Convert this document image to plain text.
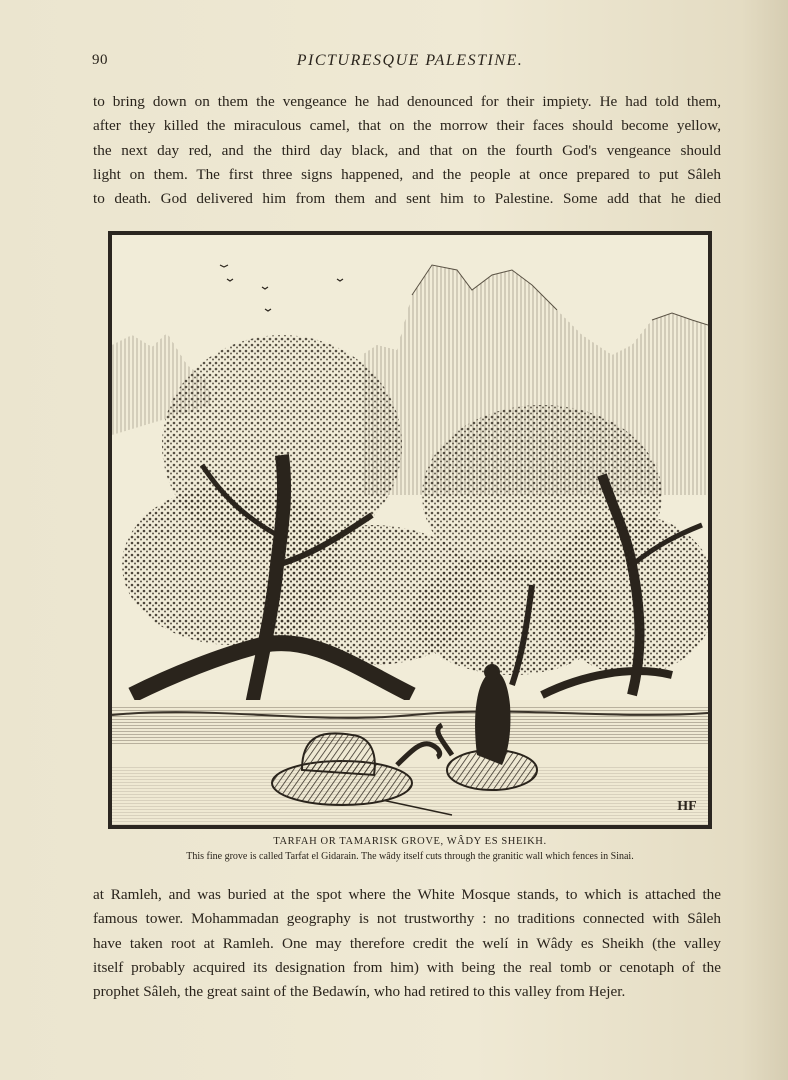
90	PICTURESQUE PALESTINE.
to bring down on them the vengeance he had denounced for their impiety. He had told them,
after they killed the miraculous camel, that on the morrow their faces should become yellow,
the next day red, and the third day black, and that on the fourth God's vengeance should
light on them. The first three signs happened, and the people at once prepared to put Sâleh
to death. God delivered him from them and sent him to Palestine. Some add that he died
HF
TARFAH OR TAMARISK GROVE, WÂDY ES SHEIKH.
This fine grove is called Tarfat el Gidarain. The wâdy itself cuts through the granitic wall which fences in Sinai.
at Ramleh, and was buried at the spot where the White Mosque stands, to which is attached the
famous tower. Mohammadan geography is not trustworthy : no traditions connected with Sâleh
have taken root at Ramleh. One may therefore credit the welí in Wâdy es Sheikh (the valley
itself probably acquired its designation from him) with being the real tomb or cenotaph of the
prophet Sâleh, the great saint of the Bedawín, who had retired to this valley from Hejer.
